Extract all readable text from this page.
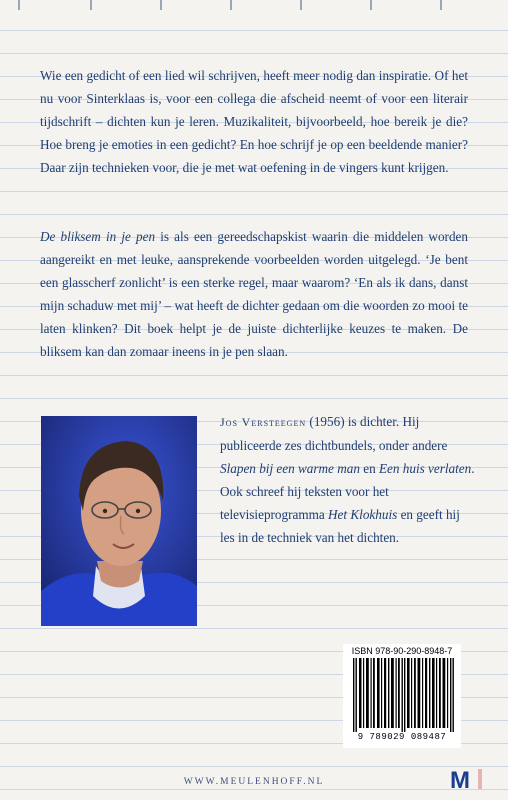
Wie een gedicht of een lied wil schrijven, heeft meer nodig dan inspiratie. Of het nu voor Sinterklaas is, voor een collega die afscheid neemt of voor een literair tijdschrift – dichten kun je leren. Muzikaliteit, bijvoorbeeld, hoe bereik je die? Hoe breng je emoties in een gedicht? En hoe schrijf je op een beeldende manier? Daar zijn technieken voor, die je met wat oefening in de vingers kunt krijgen.

De bliksem in je pen is als een gereedschapskist waarin die middelen worden aangereikt en met leuke, aansprekende voorbeelden worden uitgelegd. ‘Je bent een glasscherf zonlicht’ is een sterke regel, maar waarom? ‘En als ik dans, danst mijn schaduw met mij’ – wat heeft de dichter gedaan om die woorden zo mooi te laten klinken? Dit boek helpt je de juiste dichterlijke keuzes te maken. De bliksem kan dan zomaar ineens in je pen slaan.

Jos Versteegen (1956) is dichter. Hij publiceerde zes dichtbundels, onder andere Slapen bij een warme man en Een huis verlaten. Ook schreef hij teksten voor het televisieprogramma Het Klokhuis en geeft hij les in de techniek van het dichten.
ISBN 978-90-290-8948-7
9 789029 089487
WWW.MEULENHOFF.NL	M
